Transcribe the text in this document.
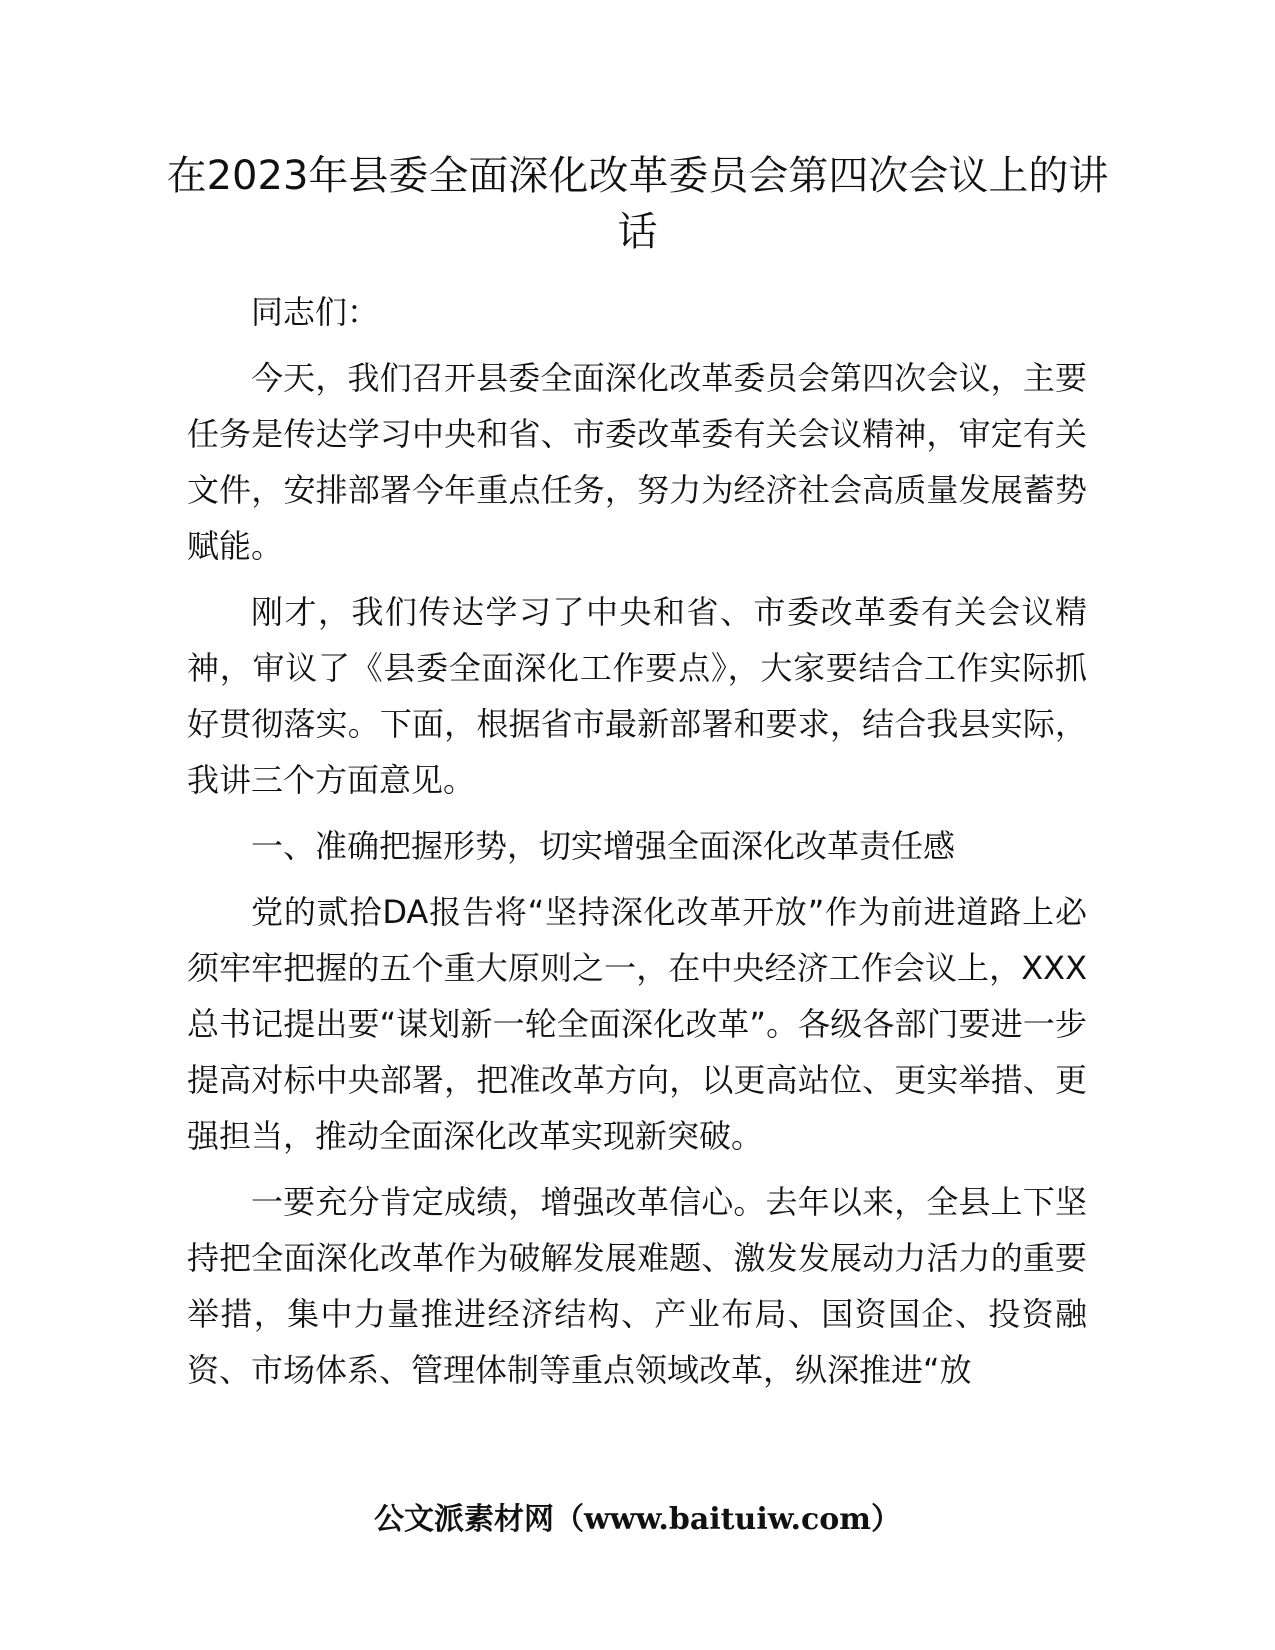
在2023年县委全面深化改革委员会第四次会议上的讲话

同志们：

今天，我们召开县委全面深化改革委员会第四次会议，主要任务是传达学习中央和省、市委改革委有关会议精神，审定有关文件，安排部署今年重点任务，努力为经济社会高质量发展蓄势赋能。

刚才，我们传达学习了中央和省、市委改革委有关会议精神，审议了《县委全面深化工作要点》，大家要结合工作实际抓好贯彻落实。下面，根据省市最新部署和要求，结合我县实际，我讲三个方面意见。

一、准确把握形势，切实增强全面深化改革责任感

党的贰拾DA报告将“坚持深化改革开放”作为前进道路上必须牢牢把握的五个重大原则之一，在中央经济工作会议上，XXX总书记提出要“谋划新一轮全面深化改革”。各级各部门要进一步提高对标中央部署，把准改革方向，以更高站位、更实举措、更强担当，推动全面深化改革实现新突破。

一要充分肯定成绩，增强改革信心。去年以来，全县上下坚持把全面深化改革作为破解发展难题、激发发展动力活力的重要举措，集中力量推进经济结构、产业布局、国资国企、投资融资、市场体系、管理体制等重点领域改革，纵深推进“放

公文派素材网（www.baituiw.com）
